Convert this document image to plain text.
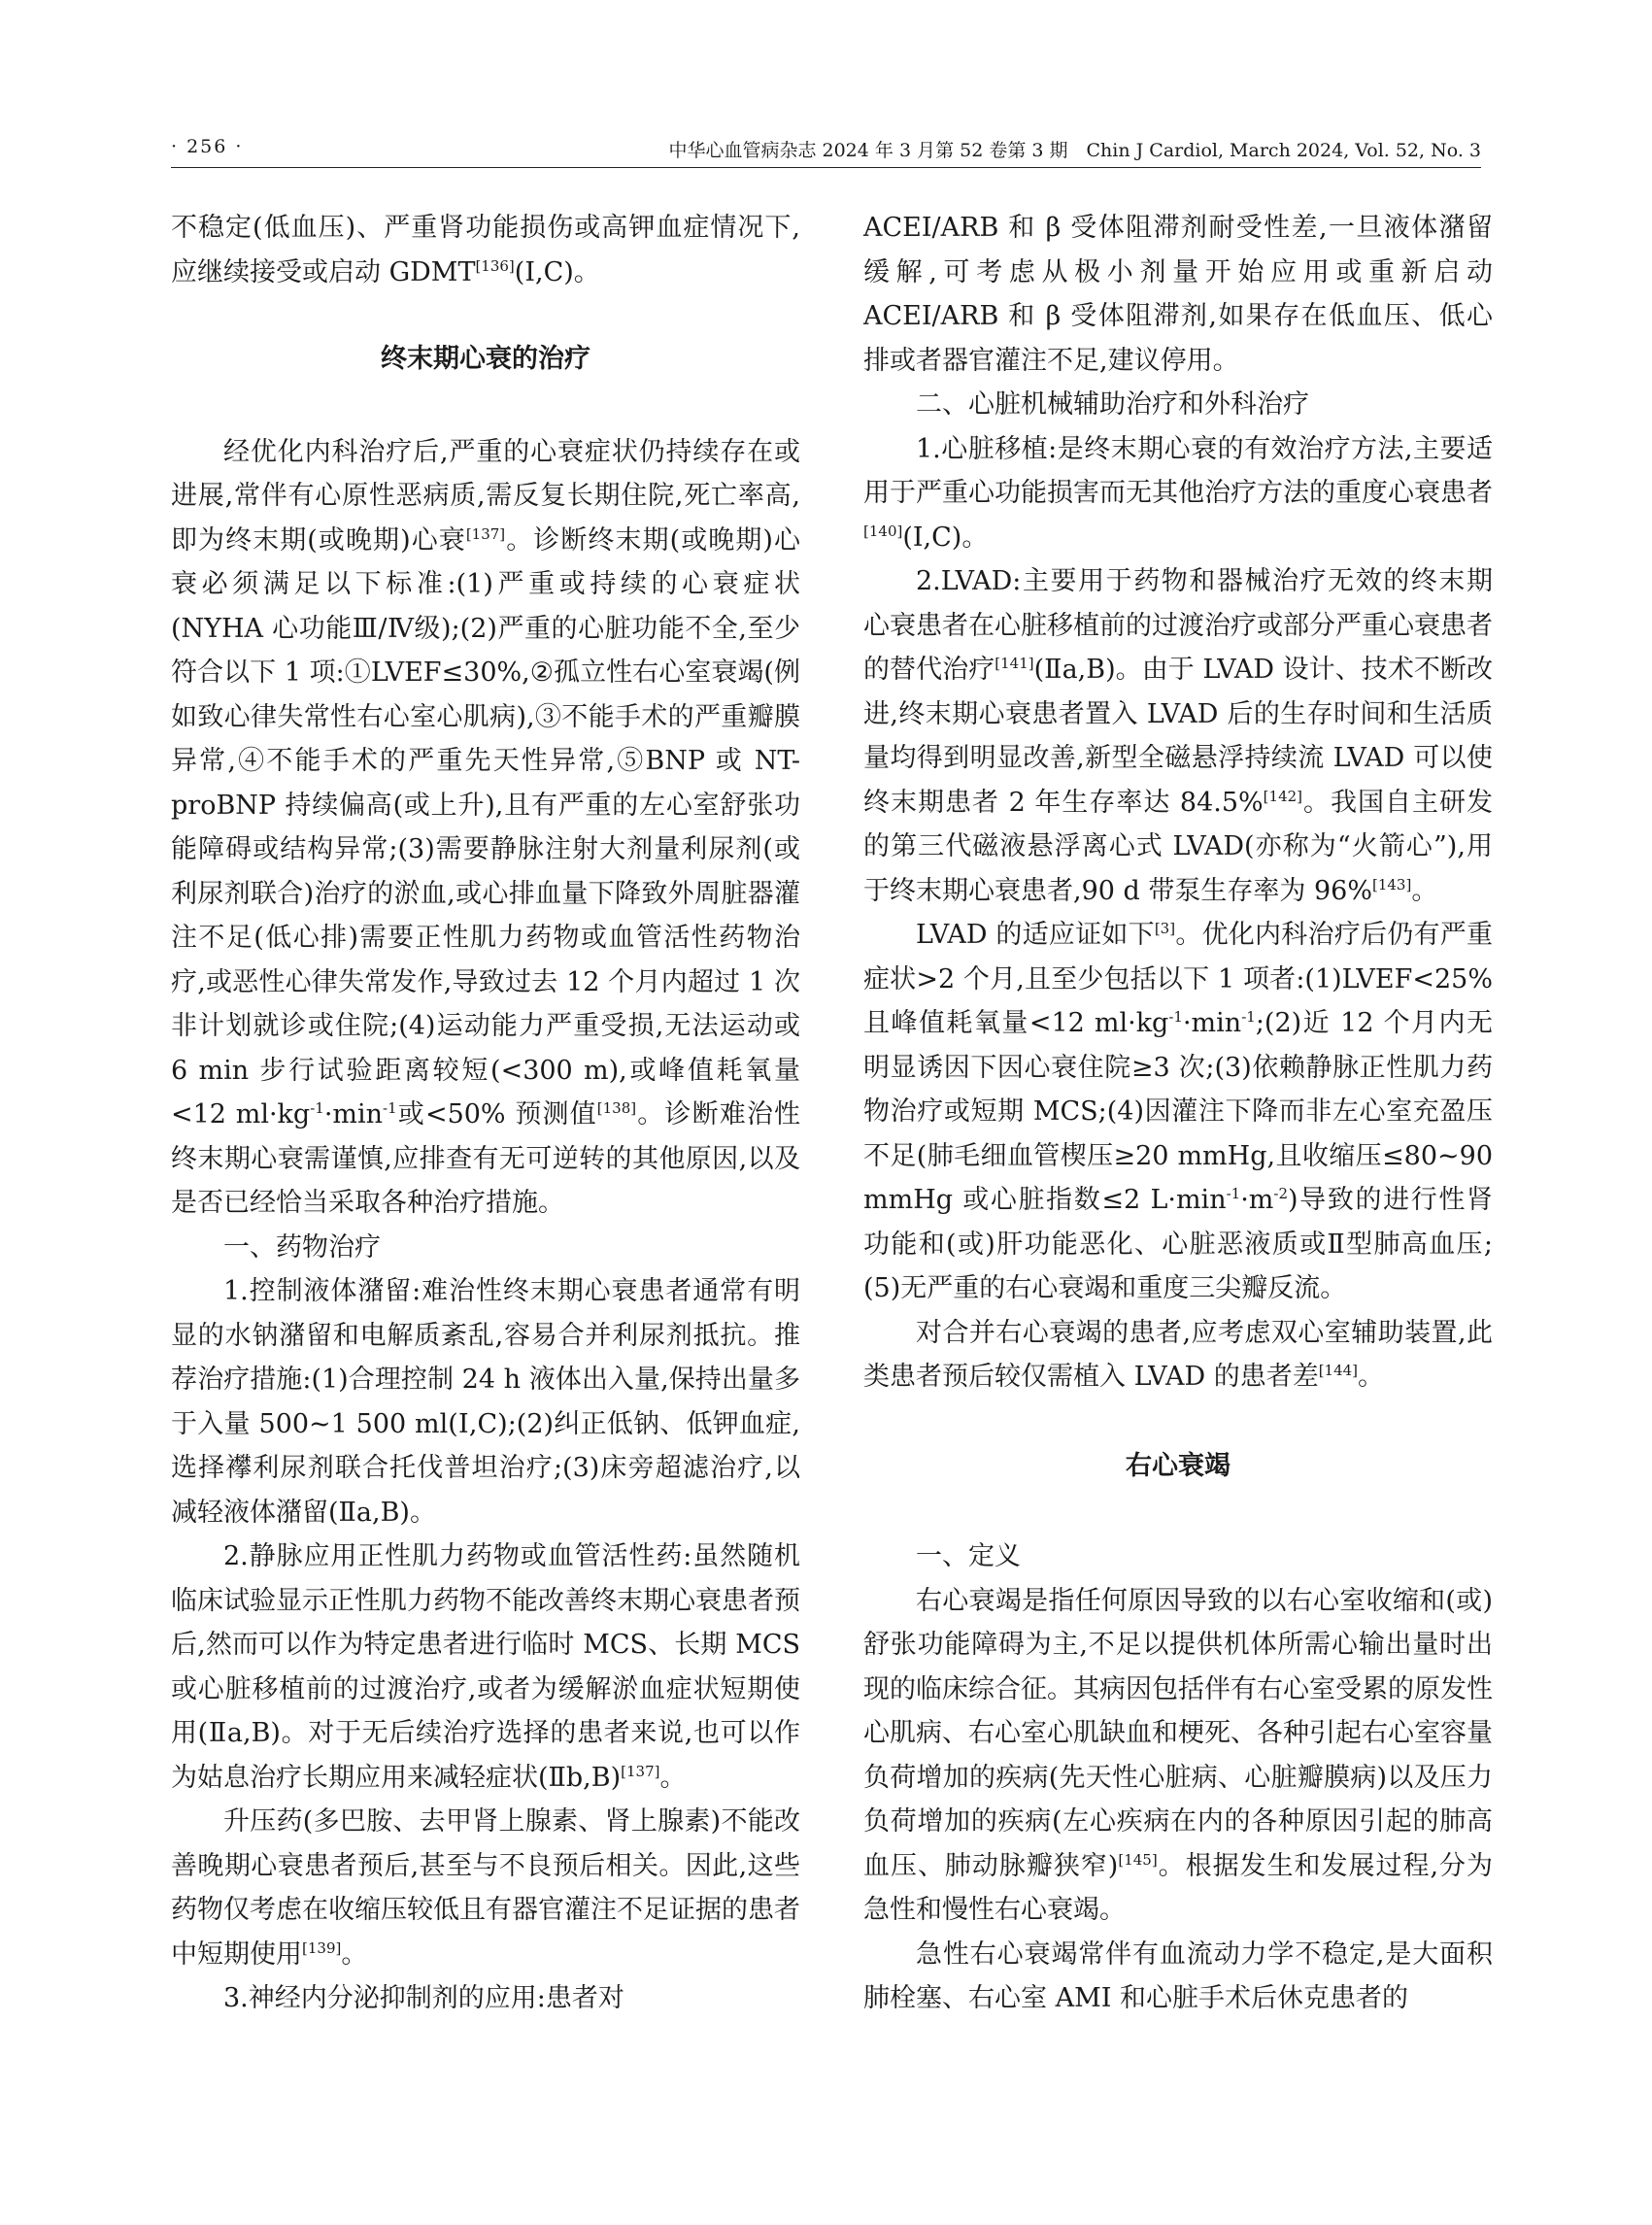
· 256 ·	中华心血管病杂志 2024 年 3 月第 52 卷第 3 期　Chin J Cardiol, March 2024, Vol. 52, No. 3

不稳定(低血压)、严重肾功能损伤或高钾血症情况下,应继续接受或启动 GDMT[136](Ⅰ,C)。

终末期心衰的治疗

经优化内科治疗后,严重的心衰症状仍持续存在或进展,常伴有心原性恶病质,需反复长期住院,死亡率高,即为终末期(或晚期)心衰[137]。诊断终末期(或晚期)心衰必须满足以下标准:(1)严重或持续的心衰症状(NYHA 心功能Ⅲ/Ⅳ级);(2)严重的心脏功能不全,至少符合以下 1 项:①LVEF≤30%,②孤立性右心室衰竭(例如致心律失常性右心室心肌病),③不能手术的严重瓣膜异常,④不能手术的严重先天性异常,⑤BNP 或 NT-proBNP 持续偏高(或上升),且有严重的左心室舒张功能障碍或结构异常;(3)需要静脉注射大剂量利尿剂(或利尿剂联合)治疗的淤血,或心排血量下降致外周脏器灌注不足(低心排)需要正性肌力药物或血管活性药物治疗,或恶性心律失常发作,导致过去 12 个月内超过 1 次非计划就诊或住院;(4)运动能力严重受损,无法运动或 6 min 步行试验距离较短(<300 m),或峰值耗氧量<12 $ml\cdot kg^{-1}\cdot\min^{-1}$或<50% 预测值[138]。诊断难治性终末期心衰需谨慎,应排查有无可逆转的其他原因,以及是否已经恰当采取各种治疗措施。

一、药物治疗

1.控制液体潴留:难治性终末期心衰患者通常有明显的水钠潴留和电解质紊乱,容易合并利尿剂抵抗。推荐治疗措施:(1)合理控制 24 h 液体出入量,保持出量多于入量 500~1 500 ml(Ⅰ,C);(2)纠正低钠、低钾血症,选择襻利尿剂联合托伐普坦治疗;(3)床旁超滤治疗,以减轻液体潴留(Ⅱa,B)。

2.静脉应用正性肌力药物或血管活性药:虽然随机临床试验显示正性肌力药物不能改善终末期心衰患者预后,然而可以作为特定患者进行临时 MCS、长期 MCS 或心脏移植前的过渡治疗,或者为缓解淤血症状短期使用(Ⅱa,B)。对于无后续治疗选择的患者来说,也可以作为姑息治疗长期应用来减轻症状(Ⅱb,B)[137]。

升压药(多巴胺、去甲肾上腺素、肾上腺素)不能改善晚期心衰患者预后,甚至与不良预后相关。因此,这些药物仅考虑在收缩压较低且有器官灌注不足证据的患者中短期使用[139]。

3.神经内分泌抑制剂的应用:患者对

ACEI/ARB 和 β 受体阻滞剂耐受性差,一旦液体潴留缓解,可考虑从极小剂量开始应用或重新启动 ACEI/ARB 和 β 受体阻滞剂,如果存在低血压、低心排或者器官灌注不足,建议停用。

二、心脏机械辅助治疗和外科治疗

1.心脏移植:是终末期心衰的有效治疗方法,主要适用于严重心功能损害而无其他治疗方法的重度心衰患者[140](Ⅰ,C)。

2.LVAD:主要用于药物和器械治疗无效的终末期心衰患者在心脏移植前的过渡治疗或部分严重心衰患者的替代治疗[141](Ⅱa,B)。由于 LVAD 设计、技术不断改进,终末期心衰患者置入 LVAD 后的生存时间和生活质量均得到明显改善,新型全磁悬浮持续流 LVAD 可以使终末期患者 2 年生存率达 84.5%[142]。我国自主研发的第三代磁液悬浮离心式 LVAD(亦称为“火箭心”),用于终末期心衰患者,90 d 带泵生存率为 96%[143]。

LVAD 的适应证如下[3]。优化内科治疗后仍有严重症状>2 个月,且至少包括以下 1 项者:(1)LVEF<25% 且峰值耗氧量<12 $ml\cdot kg^{-1}\cdot\min^{-1};(2)$近 12 个月内无明显诱因下因心衰住院≥3 次;(3)依赖静脉正性肌力药物治疗或短期 MCS;(4)因灌注下降而非左心室充盈压不足(肺毛细血管楔压≥20 mmHg,且收缩压≤80~90 mmHg 或心脏指数≤2 $L\cdot\min^{-1}\cdot m^{-2}$)导致的进行性肾功能和(或)肝功能恶化、心脏恶液质或Ⅱ型肺高血压;(5)无严重的右心衰竭和重度三尖瓣反流。

对合并右心衰竭的患者,应考虑双心室辅助装置,此类患者预后较仅需植入 LVAD 的患者差[144]。

右心衰竭
一、定义

右心衰竭是指任何原因导致的以右心室收缩和(或)舒张功能障碍为主,不足以提供机体所需心输出量时出现的临床综合征。其病因包括伴有右心室受累的原发性心肌病、右心室心肌缺血和梗死、各种引起右心室容量负荷增加的疾病(先天性心脏病、心脏瓣膜病)以及压力负荷增加的疾病(左心疾病在内的各种原因引起的肺高血压、肺动脉瓣狭窄)[145]。根据发生和发展过程,分为急性和慢性右心衰竭。

急性右心衰竭常伴有血流动力学不稳定,是大面积肺栓塞、右心室 AMI 和心脏手术后休克患者的
